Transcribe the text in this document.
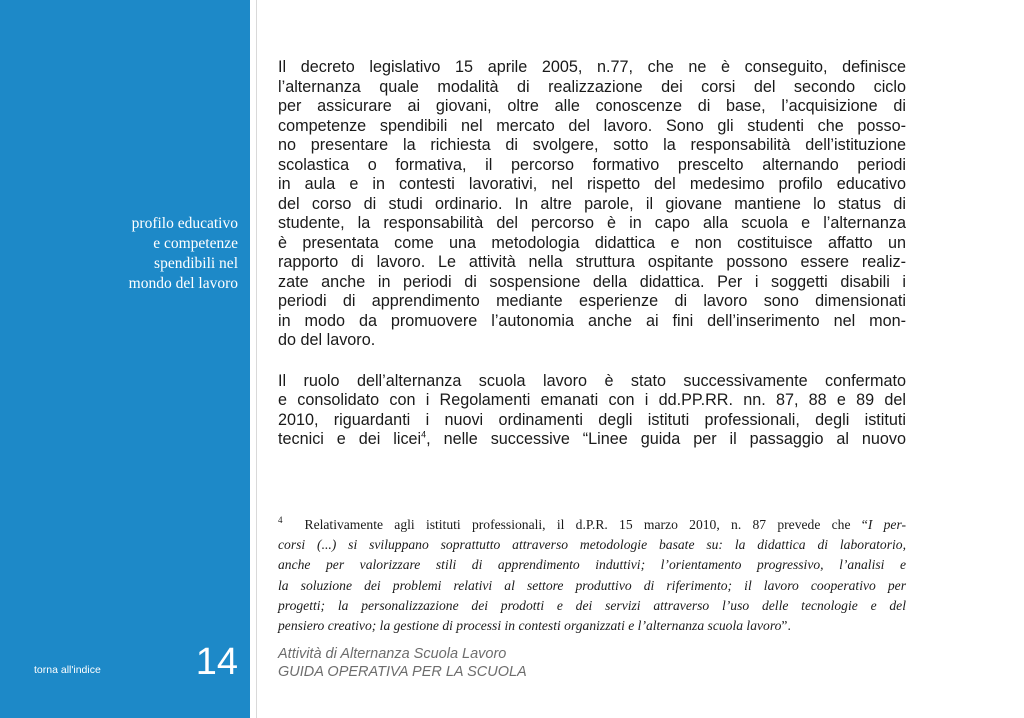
profilo educativo
e competenze
spendibili nel
mondo del lavoro
torna all'indice 14

Il decreto legislativo 15 aprile 2005, n.77, che ne è conseguito, definisce
l’alternanza quale modalità di realizzazione dei corsi del secondo ciclo
per assicurare ai giovani, oltre alle conoscenze di base, l’acquisizione di
competenze spendibili nel mercato del lavoro. Sono gli studenti che posso-
no presentare la richiesta di svolgere, sotto la responsabilità dell’istituzione
scolastica o formativa, il percorso formativo prescelto alternando periodi
in aula e in contesti lavorativi, nel rispetto del medesimo profilo educativo
del corso di studi ordinario. In altre parole, il giovane mantiene lo status di
studente, la responsabilità del percorso è in capo alla scuola e l’alternanza
è presentata come una metodologia didattica e non costituisce affatto un
rapporto di lavoro. Le attività nella struttura ospitante possono essere realiz-
zate anche in periodi di sospensione della didattica. Per i soggetti disabili i
periodi di apprendimento mediante esperienze di lavoro sono dimensionati
in modo da promuovere l’autonomia anche ai fini dell’inserimento nel mon-
do del lavoro.

Il ruolo dell’alternanza scuola lavoro è stato successivamente confermato
e consolidato con i Regolamenti emanati con i dd.PP.RR. nn. 87, 88 e 89 del
2010, riguardanti i nuovi ordinamenti degli istituti professionali, degli istituti
tecnici e dei licei$^4$, nelle successive “Linee guida per il passaggio al nuovo

$^4$ Relativamente agli istituti professionali, il d.P.R. 15 marzo 2010, n. 87 prevede che “I per-
corsi (...) si sviluppano soprattutto attraverso metodologie basate su: la didattica di laboratorio,
anche per valorizzare stili di apprendimento induttivi; l’orientamento progressivo, l’analisi e
la soluzione dei problemi relativi al settore produttivo di riferimento; il lavoro cooperativo per
progetti; la personalizzazione dei prodotti e dei servizi attraverso l’uso delle tecnologie e del
pensiero creativo; la gestione di processi in contesti organizzati e l’alternanza scuola lavoro”.
Attività di Alternanza Scuola Lavoro
GUIDA OPERATIVA PER LA SCUOLA
